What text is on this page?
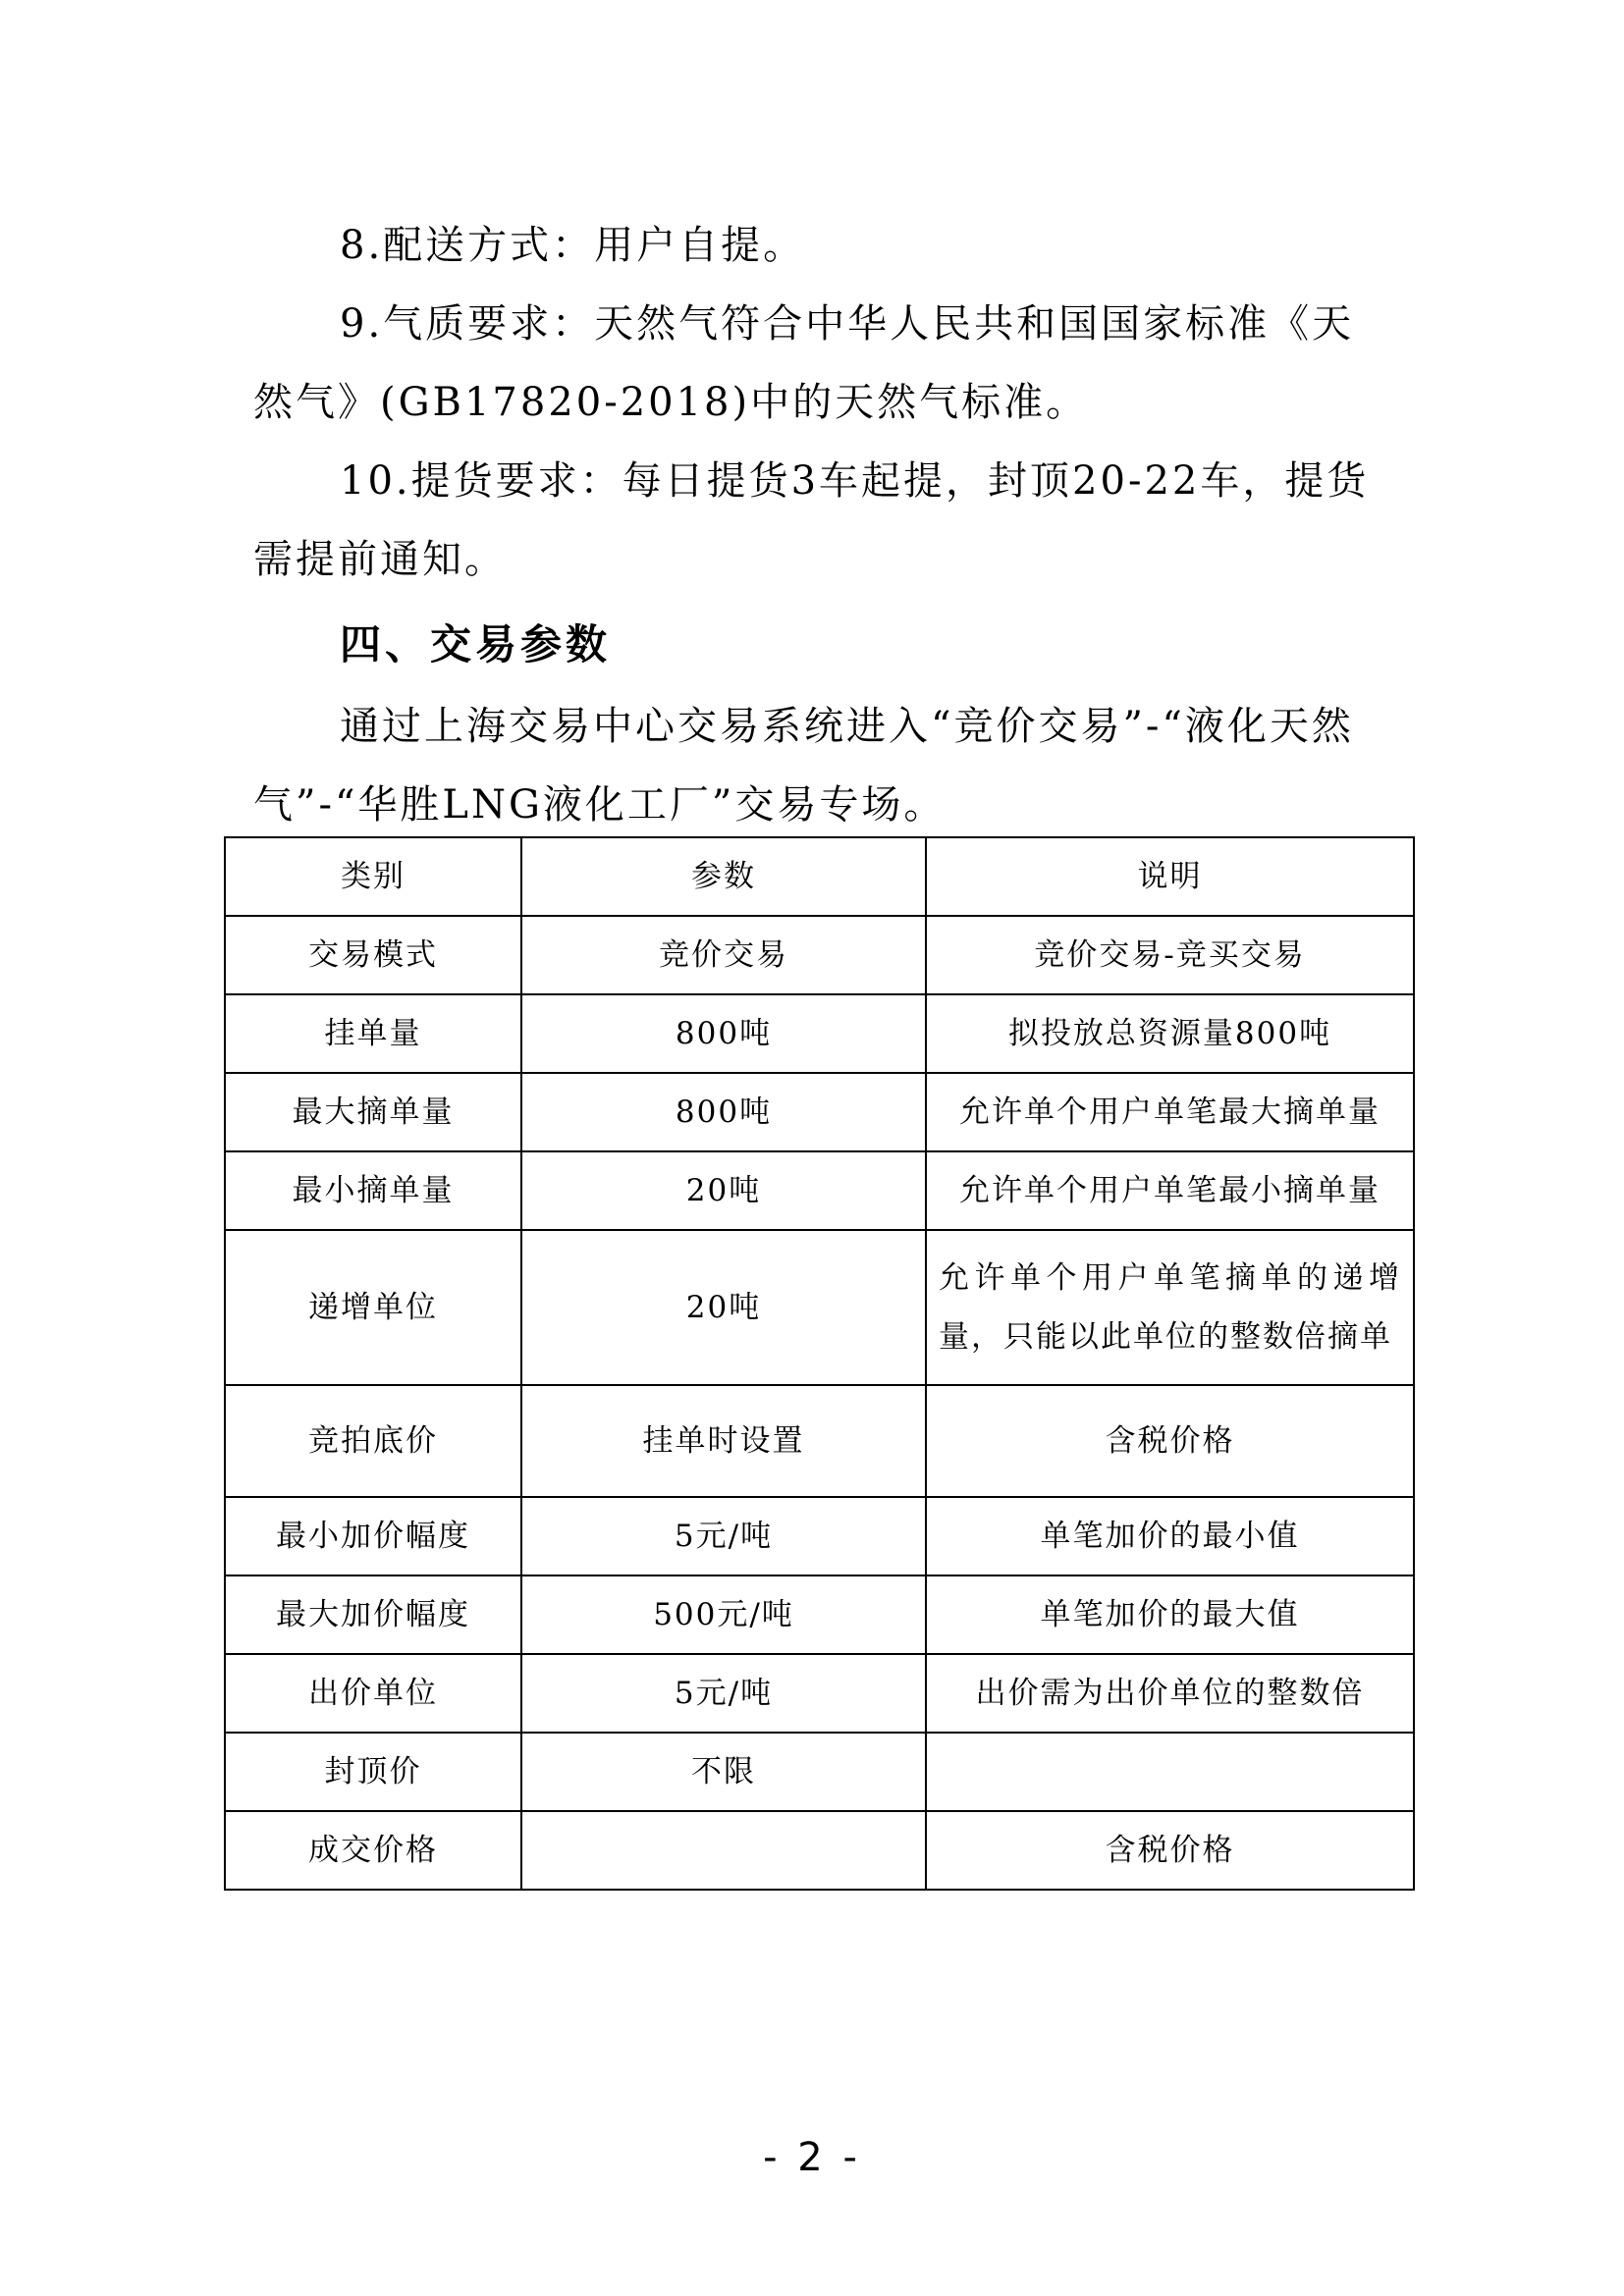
8.配送方式：用户自提。

9.气质要求：天然气符合中华人民共和国国家标准《天然气》(GB17820-2018)中的天然气标准。

10.提货要求：每日提货3车起提，封顶20-22车，提货需提前通知。

四、交易参数

通过上海交易中心交易系统进入“竞价交易”-“液化天然气”-“华胜LNG液化工厂”交易专场。

类别	参数	说明
交易模式	竞价交易	竞价交易-竞买交易
挂单量	800吨	拟投放总资源量800吨
最大摘单量	800吨	允许单个用户单笔最大摘单量
最小摘单量	20吨	允许单个用户单笔最小摘单量
递增单位	20吨	允许单个用户单笔摘单的递增量，只能以此单位的整数倍摘单
竞拍底价	挂单时设置	含税价格
最小加价幅度	5元/吨	单笔加价的最小值
最大加价幅度	500元/吨	单笔加价的最大值
出价单位	5元/吨	出价需为出价单位的整数倍
封顶价	不限	
成交价格		含税价格
- 2 -
